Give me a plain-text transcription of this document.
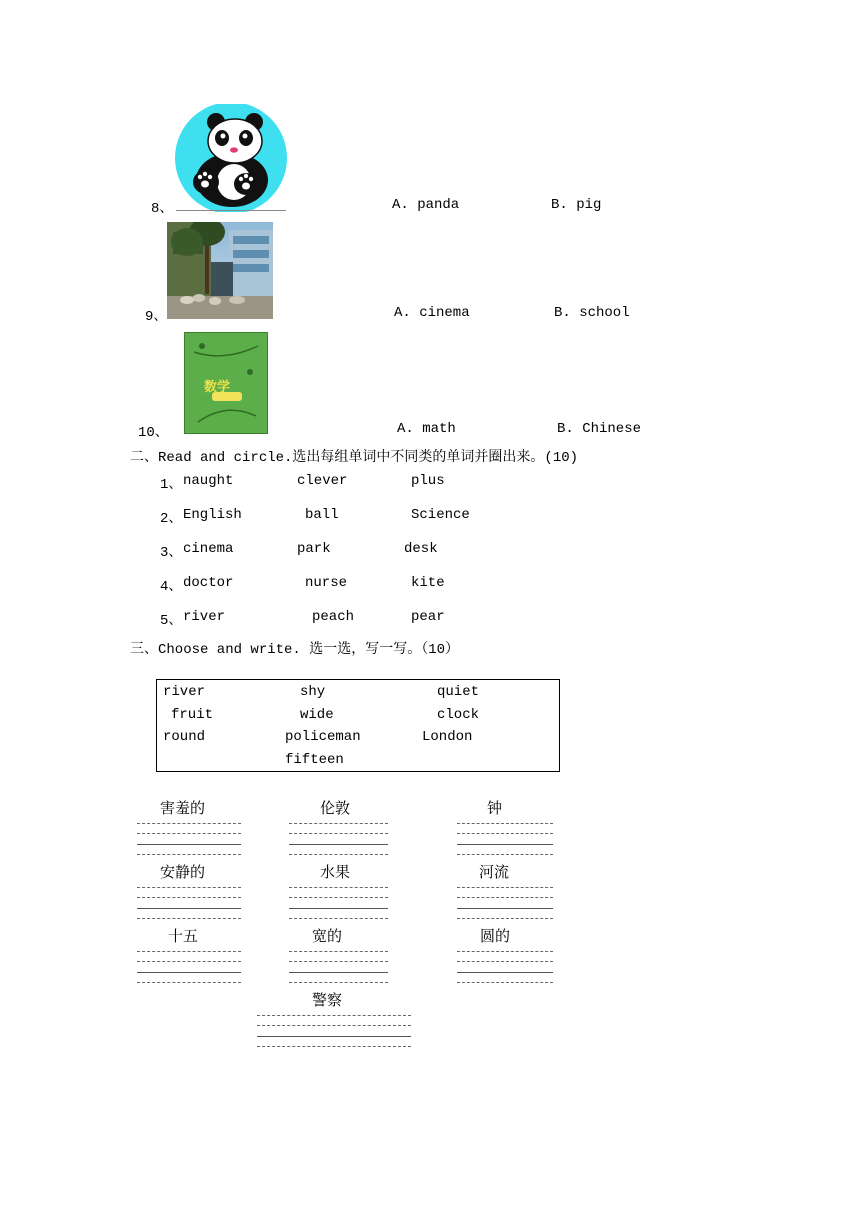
8、	A. panda	B. pig
9、	A. cinema	B. school
数学
10、	A. math	B. Chinese
二、Read and circle.选出每组单词中不同类的单词并圈出来。(10)
1、 naught	clever	plus
2、 English	ball	Science
3、 cinema	park	desk
4、 doctor	nurse	kite
5、 river	peach	pear
三、Choose and write. 选一选，写一写。（10）
river	shy	quiet
fruit	wide	clock
round	policeman	London
fifteen
害羞的	伦敦	钟
安静的	水果	河流
十五	宽的	圆的
警察
